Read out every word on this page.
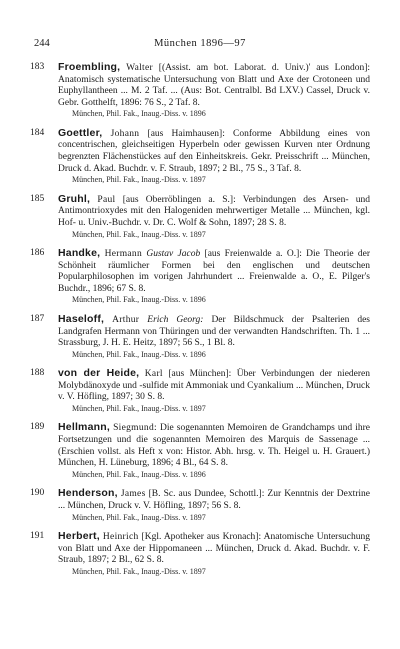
244	München 1896—97
183	Froembling, Walter [(Assist. am bot. Laborat. d. Univ.)' aus London]: Anatomisch systematische Untersuchung von Blatt und Axe der Crotoneen und Euphyllantheen ... M. 2 Taf. ... (Aus: Bot. Centralbl. Bd LXV.) Cassel, Druck v. Gebr. Gotthelft, 1896: 76 S., 2 Taf. 8.
München, Phil. Fak., Inaug.-Diss. v. 1896
184	Goettler, Johann [aus Haimhausen]: Conforme Abbildung eines von concentrischen, gleichseitigen Hyperbeln oder gewissen Kurven nter Ordnung begrenzten Flächenstückes auf den Einheitskreis. Gekr. Preisschrift ... München, Druck d. Akad. Buchdr. v. F. Straub, 1897; 2 Bl., 75 S., 3 Taf. 8.
München, Phil. Fak., Inaug.-Diss. v. 1897
185	Gruhl, Paul [aus Oberröblingen a. S.]: Verbindungen des Arsen- und Antimontrioxydes mit den Halogeniden mehrwertiger Metalle ... München, kgl. Hof- u. Univ.-Buchdr. v. Dr. C. Wolf & Sohn, 1897; 28 S. 8.
München, Phil. Fak., Inaug.-Diss. v. 1897
186	Handke, Hermann Gustav Jacob [aus Freienwalde a. O.]: Die Theorie der Schönheit räumlicher Formen bei den englischen und deutschen Popularphilosophen im vorigen Jahrhundert ... Freienwalde a. O., E. Pilger's Buchdr., 1896; 67 S. 8.
München, Phil. Fak., Inaug.-Diss. v. 1896
187	Haseloff, Arthur Erich Georg: Der Bildschmuck der Psalterien des Landgrafen Hermann von Thüringen und der verwandten Handschriften. Th. 1 ... Strassburg, J. H. E. Heitz, 1897; 56 S., 1 Bl. 8.
München, Phil. Fak., Inaug.-Diss. v. 1896
188	von der Heide, Karl [aus München]: Über Verbindungen der niederen Molybdänoxyde und -sulfide mit Ammoniak und Cyankalium ... München, Druck v. V. Höfling, 1897; 30 S. 8.
München, Phil. Fak., Inaug.-Diss. v. 1897
189	Hellmann, Siegmund: Die sogenannten Memoiren de Grandchamps und ihre Fortsetzungen und die sogenannten Memoiren des Marquis de Sassenage ... (Erschien vollst. als Heft x von: Histor. Abh. hrsg. v. Th. Heigel u. H. Grauert.) München, H. Lüneburg, 1896; 4 Bl., 64 S. 8.
München, Phil. Fak., Inaug.-Diss. v. 1896
190	Henderson, James [B. Sc. aus Dundee, Schottl.]: Zur Kenntnis der Dextrine ... München, Druck v. V. Höfling, 1897; 56 S. 8.
München, Phil. Fak., Inaug.-Diss. v. 1897
191	Herbert, Heinrich [Kgl. Apotheker aus Kronach]: Anatomische Untersuchung von Blatt und Axe der Hippomaneen ... München, Druck d. Akad. Buchdr. v. F. Straub, 1897; 2 Bl., 62 S. 8.
München, Phil. Fak., Inaug.-Diss. v. 1897
